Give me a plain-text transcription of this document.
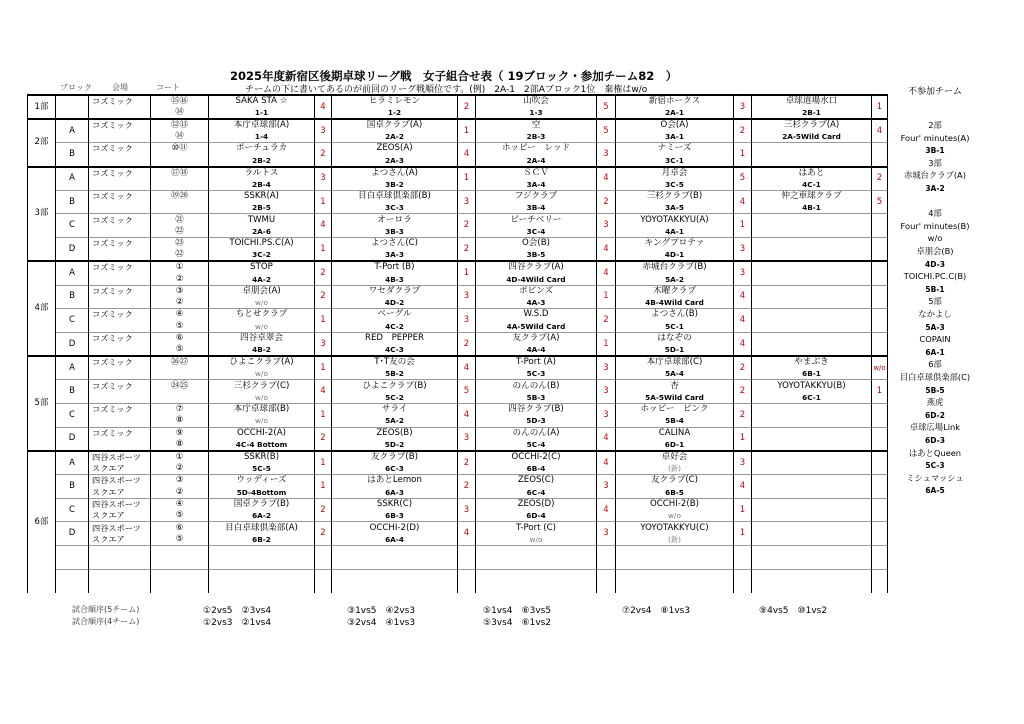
2025年度新宿区後期卓球リーグ戦　女子組合せ表（ 19ブロック・参加チーム82　）
チームの下に書いてあるのが前回のリーグ戦順位です。(例)　2A-1　2部Aブロック1位　棄権はw/o
ブロック	会場	コート	不参加チーム
1部		コズミック	⑮⑯	SAKA STA ☆	4	ヒラミレモン	2	山吹会	5	新宿ホークス	3	卓球道場水口	1
			⑭	1-1		1-2		1-3		2A-1		2B-1	
2部	A	コズミック	⑫⑬	本庁卓球部(A)	3	国卓クラブ(A)	1	空	5	O会(A)	2	三杉クラブ(A)	4
			⑭	1-4		2A-2		2B-3		3A-1		2A-5Wild Card	
	B	コズミック	⑩⑪	ポーチュラカ	2	ZEOS(A)	4	ホッピー　レッド	3	ナミーズ	1		
				2B-2		2A-3		2A-4		3C-1			
3部	A	コズミック	⑰⑱	ラルトス	3	よつさん(A)	1	ＳＣＶ	4	月卓会	5	はあと	2
				2B-4		3B-2		3A-4		3C-5		4C-1	
	B	コズミック	⑲⑳	SSKR(A)	1	目白卓球倶楽部(B)	3	フジクラブ	2	三杉クラブ(B)	4	仲之車球クラブ	5
				2B-5		3C-3		3B-4		3A-5		4B-1	
	C	コズミック	㉑	TWMU	4	オーロラ	2	ビーチベリー	3	YOYOTAKKYU(A)	1		
			㉒	2A-6		3B-3		3C-4		4A-1			
	D	コズミック	㉓	TOICHI.PS.C(A)	1	よつさん(C)	2	O会(B)	4	キングプロテァ	3		
			㉒	3C-2		3A-3		3B-5		4D-1			
4部	A	コズミック	①	STOP	2	T-Port (B)	1	四谷クラブ(A)	4	赤城台クラブ(B)	3		
			②	4A-2		4B-3		4D-4Wild Card		5A-2			
	B	コズミック	③	卓朋会(A)	2	ワセダクラブ	3	ポピンズ	1	木曜クラブ	4		
			②	w/o		4D-2		4A-3		4B-4Wild Card			
	C	コズミック	④	ちとせクラブ	1	ベーグル	3	W.S.D	2	よつさん(B)	4		
			⑤	w/o		4C-2		4A-5Wild Card		5C-1			
	D	コズミック	⑥	四谷卓翠会	3	RED　PEPPER	2	友クラブ(A)	1	はなぞの	4		
			⑤	4B-2		4C-3		4A-4		5D-1			
5部	A	コズミック	㉖㉗	ひよこクラブ(A)	1	T･T友の会	4	T-Port (A)	3	本庁卓球部(C)	2	やまぶき	w/o
				w/o		5B-2		5C-3		5A-4		6B-1	
	B	コズミック	㉔㉕	三杉クラブ(C)	4	ひよこクラブ(B)	5	のんのん(B)	3	杏	2	YOYOTAKKYU(B)	1
				w/o		5C-2		5B-3		5A-5Wild Card		6C-1	
	C	コズミック	⑦	本庁卓球部(B)	1	サライ	4	四谷クラブ(B)	3	ホッピー　ピンク	2		
			⑧	w/o		5A-2		5D-3		5B-4			
	D	コズミック	⑨	OCCHI-2(A)	2	ZEOS(B)	3	のんのん(A)	4	CALINA	1		
			⑧	4C-4 Bottom		5D-2		5C-4		6D-1			
6部	A	四谷スポーツ	①	SSKR(B)	1	友クラブ(B)	2	OCCHI-2(C)	4	卓好会	3		
		スクエア	②	5C-5		6C-3		6B-4		(新)			
	B	四谷スポーツ	③	ウッディーズ	1	はあとLemon	2	ZEOS(C)	3	友クラブ(C)	4		
		スクエア	②	5D-4Bottom		6A-3		6C-4		6B-5			
	C	四谷スポーツ	④	国卓クラブ(B)	2	SSKR(C)	3	ZEOS(D)	4	OCCHI-2(B)	1		
		スクエア	⑤	6A-2		6B-3		6D-4		w/o			
	D	四谷スポーツ	⑥	目白卓球倶楽部(A)	2	OCCHI-2(D)	4	T-Port (C)	3	YOYOTAKKYU(C)	1		
		スクエア	⑤	6B-2		6A-4		w/o		(新)			

2部
Four' minutes(A)
3B-1
3部
赤城台クラブ(A)
3A-2
4部
Four' minutes(B)
w/o
卓朋会(B)
4D-3
TOICHI.PC.C(B)
5B-1
5部
なかよし
5A-3
COPAIN
6A-1
6部
目白卓球倶楽部(C)
5B-5
燕虎
6D-2
卓球広場Link
6D-3
はあとQueen
5C-3
ミシュマッシュ
6A-5
試合順序(5チーム)
試合順序(4チーム)
①2vs5　②3vs4	③1vs5　④2vs3	⑤1vs4　⑥3vs5	⑦2vs4　⑧1vs3	⑨4vs5　⑩1vs2
①2vs3　②1vs4	③2vs4　④1vs3	⑤3vs4　⑥1vs2
